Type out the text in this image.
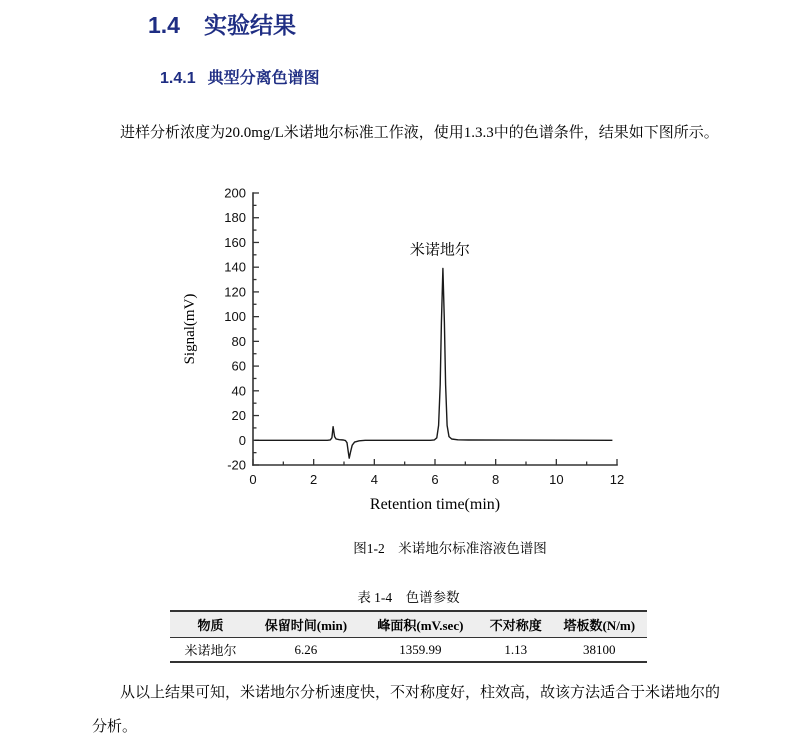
1.4 实验结果
1.4.1 典型分离色谱图

进样分析浓度为20.0mg/L米诺地尔标准工作液，使用1.3.3中的色谱条件，结果如下图所示。

-20
0
20
40
60
80
100
120
140
160
180
200
0	2	4	6	8	10	12
Retention time(min)
Signal(mV)
米诺地尔
图1-2　米诺地尔标准溶液色谱图
表 1-4　色谱参数
物质	保留时间(min)	峰面积(mV.sec)	不对称度	塔板数(N/m)
米诺地尔	6.26	1359.99	1.13	38100

从以上结果可知，米诺地尔分析速度快，不对称度好，柱效高，故该方法适合于米诺地尔的分析。
